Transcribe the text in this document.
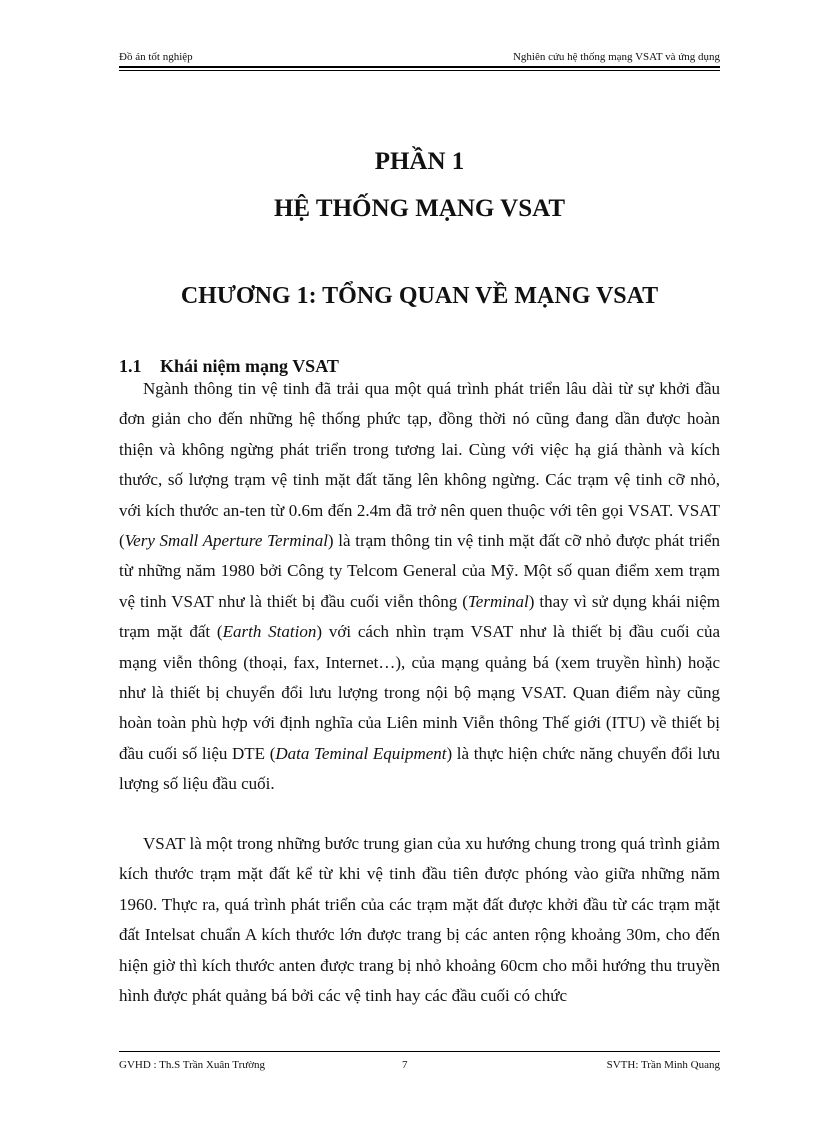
Đồ án tốt nghiệp	Nghiên cứu hệ thống mạng VSAT và ứng dụng
PHẦN 1
HỆ THỐNG MẠNG VSAT
CHƯƠNG 1: TỔNG QUAN VỀ MẠNG VSAT
1.1 Khái niệm mạng VSAT

Ngành thông tin vệ tinh đã trải qua một quá trình phát triển lâu dài từ sự khởi đầu đơn giản cho đến những hệ thống phức tạp, đồng thời nó cũng đang dần được hoàn thiện và không ngừng phát triển trong tương lai. Cùng với việc hạ giá thành và kích thước, số lượng trạm vệ tinh mặt đất tăng lên không ngừng. Các trạm vệ tinh cỡ nhỏ, với kích thước an-ten từ 0.6m đến 2.4m đã trở nên quen thuộc với tên gọi VSAT. VSAT (Very Small Aperture Terminal) là trạm thông tin vệ tinh mặt đất cỡ nhỏ được phát triển từ những năm 1980 bởi Công ty Telcom General của Mỹ. Một số quan điểm xem trạm vệ tinh VSAT như là thiết bị đầu cuối viễn thông (Terminal) thay vì sử dụng khái niệm trạm mặt đất (Earth Station) với cách nhìn trạm VSAT như là thiết bị đầu cuối của mạng viễn thông (thoại, fax, Internet…), của mạng quảng bá (xem truyền hình) hoặc như là thiết bị chuyển đổi lưu lượng trong nội bộ mạng VSAT. Quan điểm này cũng hoàn toàn phù hợp với định nghĩa của Liên minh Viễn thông Thế giới (ITU) về thiết bị đầu cuối số liệu DTE (Data Teminal Equipment) là thực hiện chức năng chuyển đổi lưu lượng số liệu đầu cuối.

VSAT là một trong những bước trung gian của xu hướng chung trong quá trình giảm kích thước trạm mặt đất kể từ khi vệ tinh đầu tiên được phóng vào giữa những năm 1960. Thực ra, quá trình phát triển của các trạm mặt đất được khởi đầu từ các trạm mặt đất Intelsat chuẩn A kích thước lớn được trang bị các anten rộng khoảng 30m, cho đến hiện giờ thì kích thước anten được trang bị nhỏ khoảng 60cm cho mỗi hướng thu truyền hình được phát quảng bá bởi các vệ tinh hay các đầu cuối có chức

GVHD : Th.S Trần Xuân Trường	7	SVTH: Trần Minh Quang
